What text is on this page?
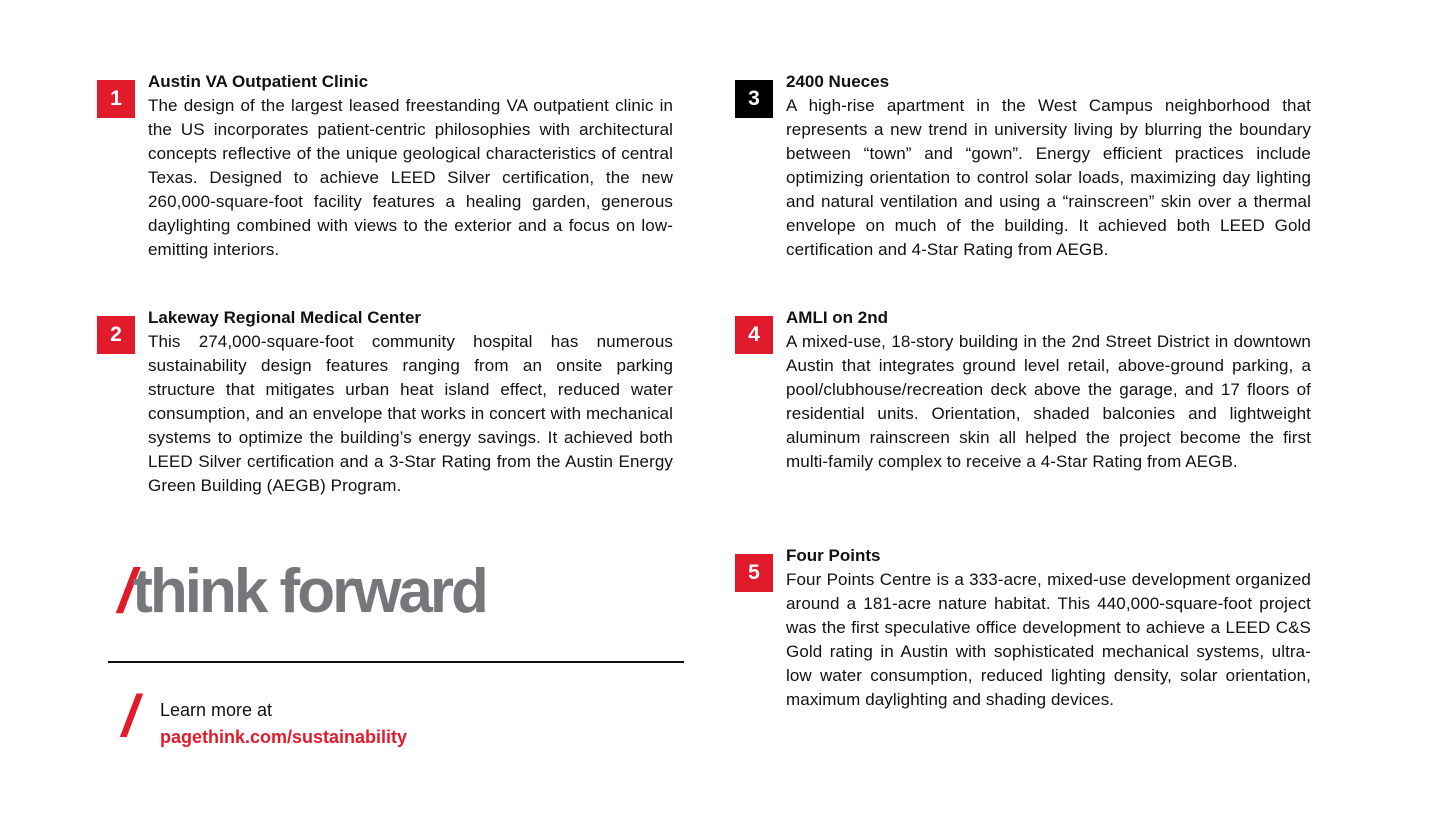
1
Austin VA Outpatient Clinic
The design of the largest leased freestanding VA outpatient clinic in the US incorporates patient-centric philosophies with architectural concepts reflective of the unique geological characteristics of central Texas. Designed to achieve LEED Silver certification, the new 260,000-square-foot facility features a healing garden, generous daylighting combined with views to the exterior and a focus on low-emitting interiors.
2
Lakeway Regional Medical Center
This 274,000-square-foot community hospital has numerous sustainability design features ranging from an onsite parking structure that mitigates urban heat island effect, reduced water consumption, and an envelope that works in concert with mechanical systems to optimize the building’s energy savings. It achieved both LEED Silver certification and a 3-Star Rating from the Austin Energy Green Building (AEGB) Program.
3
2400 Nueces
A high-rise apartment in the West Campus neighborhood that represents a new trend in university living by blurring the boundary between “town” and “gown”. Energy efficient practices include optimizing orientation to control solar loads, maximizing day lighting and natural ventilation and using a “rainscreen” skin over a thermal envelope on much of the building. It achieved both LEED Gold certification and 4-Star Rating from AEGB.
4
AMLI on 2nd
A mixed-use, 18-story building in the 2nd Street District in downtown Austin that integrates ground level retail, above-ground parking, a pool/clubhouse/recreation deck above the garage, and 17 floors of residential units. Orientation, shaded balconies and lightweight aluminum rainscreen skin all helped the project become the first multi-family complex to receive a 4-Star Rating from AEGB.
5
Four Points
Four Points Centre is a 333-acre, mixed-use development organized around a 181-acre nature habitat. This 440,000-square-foot project was the first speculative office development to achieve a LEED C&S Gold rating in Austin with sophisticated mechanical systems, ultra-low water consumption, reduced lighting density, solar orientation, maximum daylighting and shading devices.
/think forward
/ Learn more at
pagethink.com/sustainability
